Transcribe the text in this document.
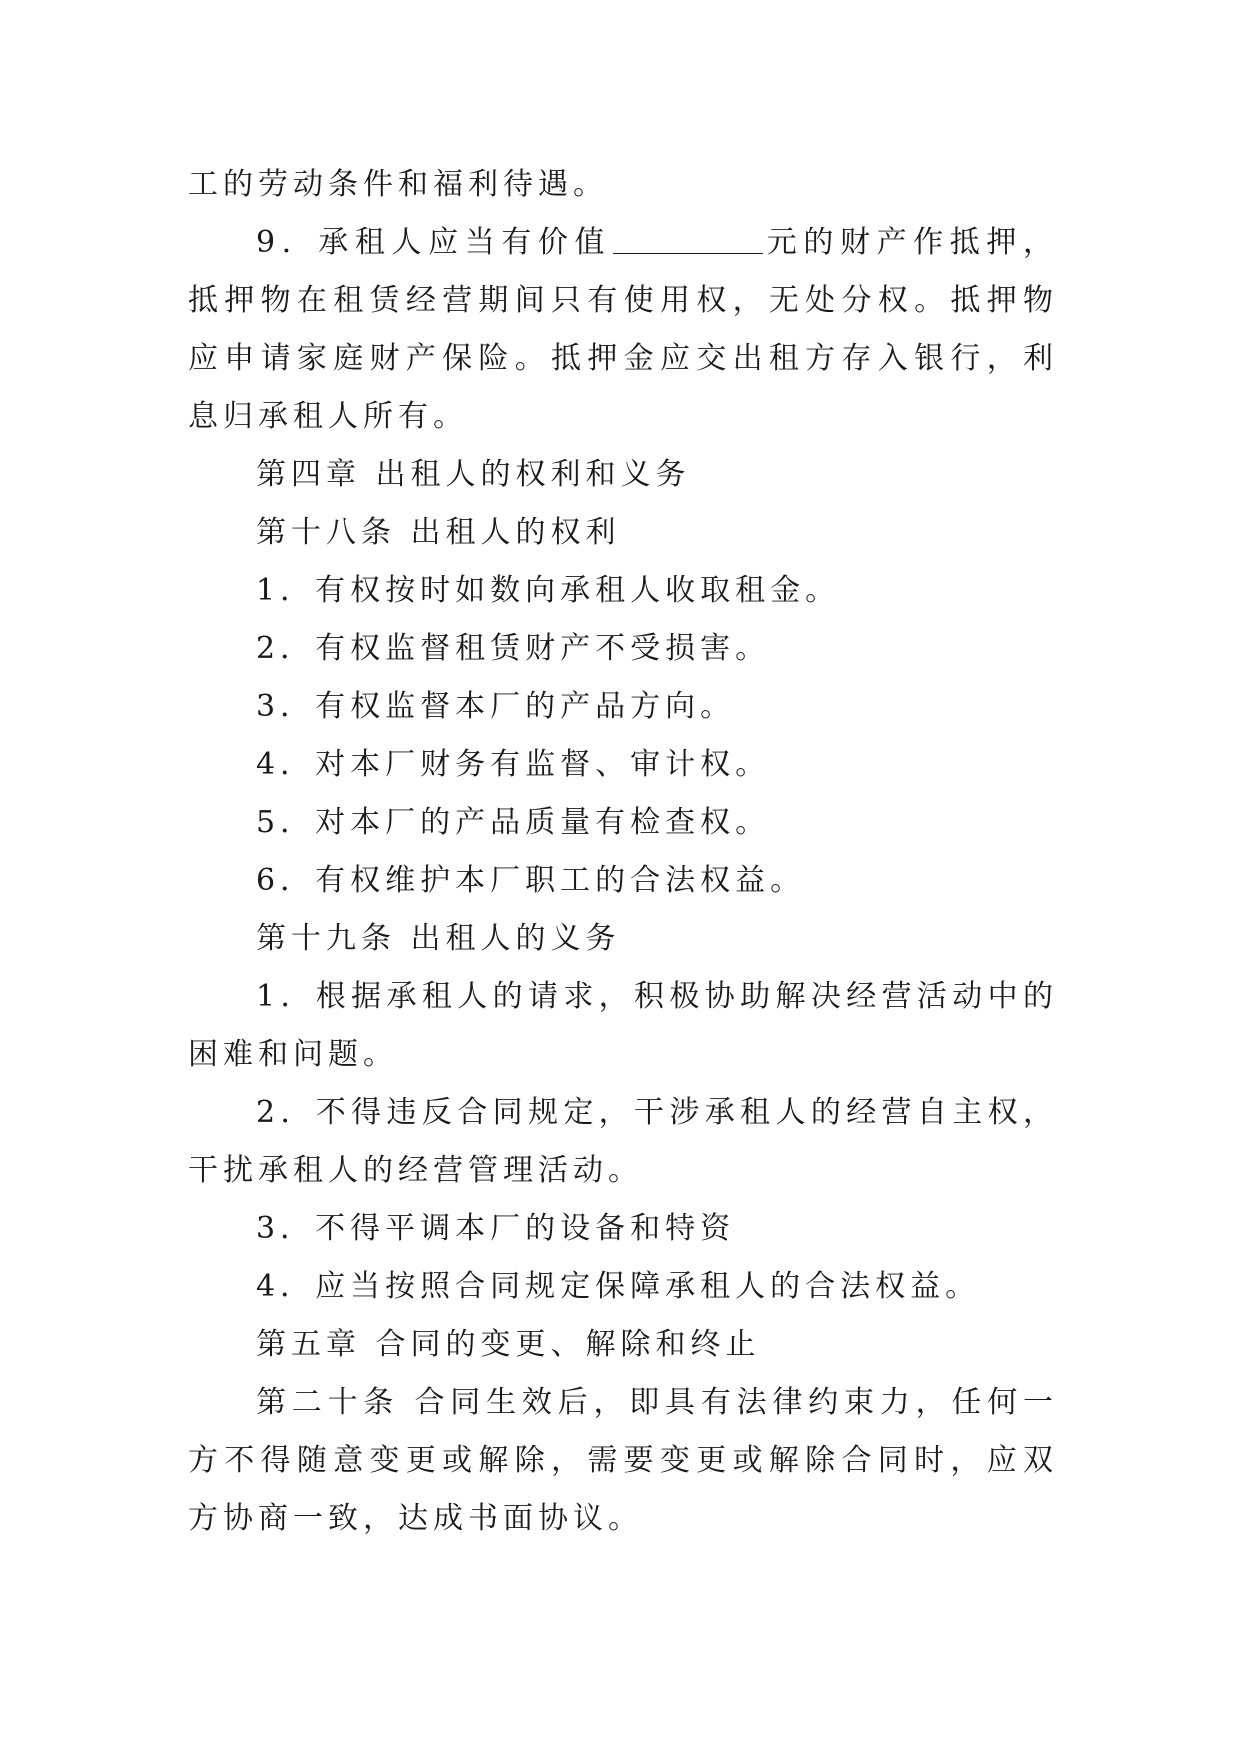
工的劳动条件和福利待遇。

9．承租人应当有价值	元的财产作抵押，抵押物在租赁经营期间只有使用权，无处分权。抵押物应申请家庭财产保险。抵押金应交出租方存入银行，利息归承租人所有。

第四章 出租人的权利和义务

第十八条 出租人的权利

1．有权按时如数向承租人收取租金。

2．有权监督租赁财产不受损害。

3．有权监督本厂的产品方向。

4．对本厂财务有监督、审计权。

5．对本厂的产品质量有检查权。

6．有权维护本厂职工的合法权益。

第十九条 出租人的义务

1．根据承租人的请求，积极协助解决经营活动中的困难和问题。

2．不得违反合同规定，干涉承租人的经营自主权，干扰承租人的经营管理活动。

3．不得平调本厂的设备和特资

4．应当按照合同规定保障承租人的合法权益。

第五章 合同的变更、解除和终止

第二十条 合同生效后，即具有法律约束力，任何一方不得随意变更或解除，需要变更或解除合同时，应双方协商一致，达成书面协议。
